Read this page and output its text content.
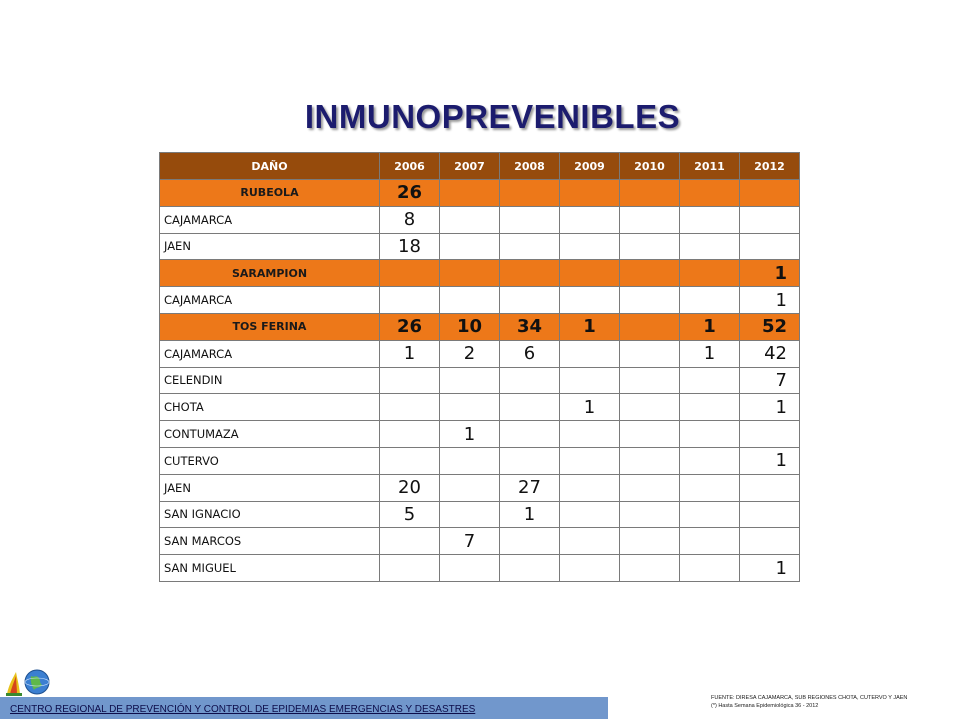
INMUNOPREVENIBLES
DAÑO	2006	2007	2008	2009	2010	2011	2012
RUBEOLA	26						
CAJAMARCA	8						
JAEN	18						
SARAMPION							1
CAJAMARCA							1
TOS FERINA	26	10	34	1		1	52
CAJAMARCA	1	2	6			1	42
CELENDIN							7
CHOTA				1			1
CONTUMAZA		1					
CUTERVO							1
JAEN	20		27				
SAN IGNACIO	5		1				
SAN MARCOS		7					
SAN MIGUEL							1
CENTRO REGIONAL DE PREVENCIÓN Y CONTROL DE EPIDEMIAS EMERGENCIAS Y DESASTRES
FUENTE: DIRESA CAJAMARCA, SUB REGIONES CHOTA, CUTERVO Y JAEN
(*) Hasta Semana Epidemiológica 36 - 2012
